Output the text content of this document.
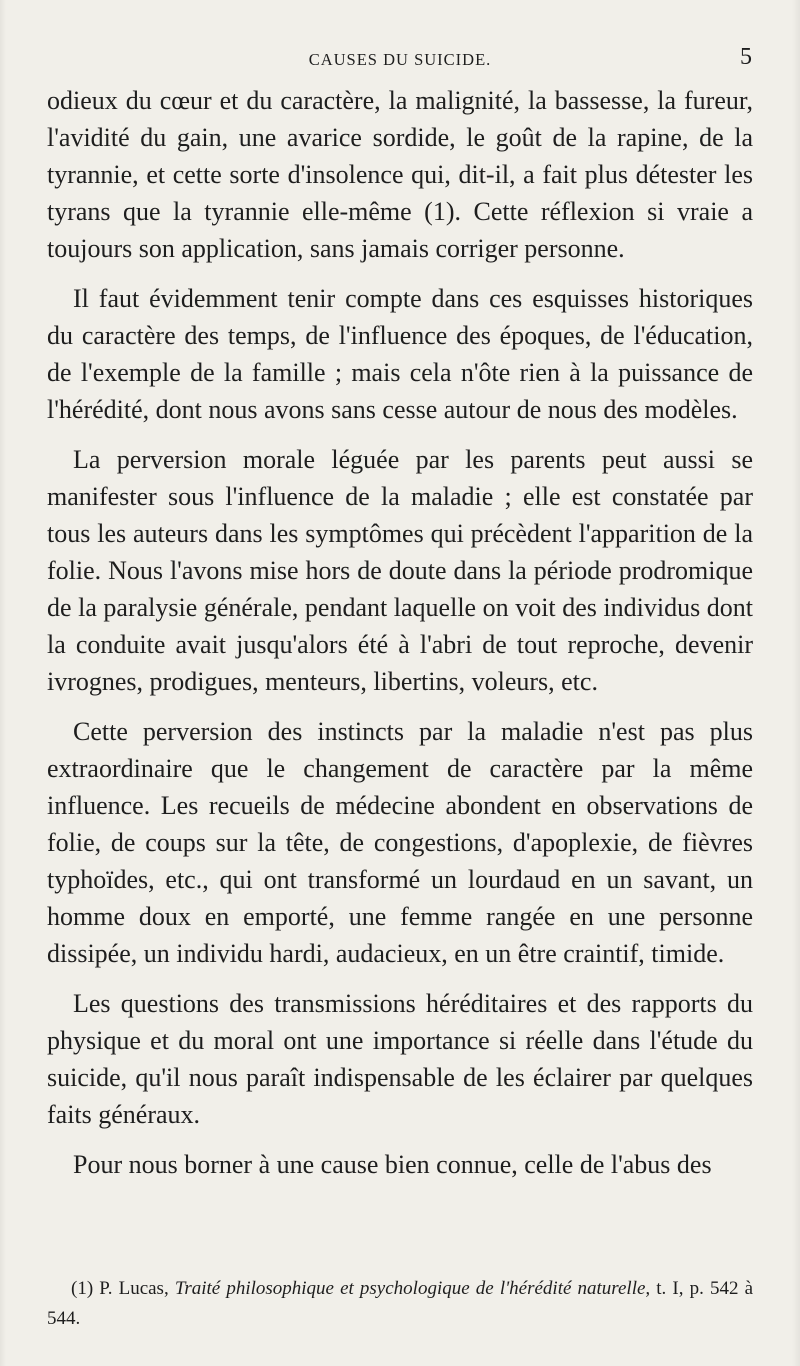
CAUSES DU SUICIDE.	5

odieux du cœur et du caractère, la malignité, la bassesse, la fureur, l'avidité du gain, une avarice sordide, le goût de la rapine, de la tyrannie, et cette sorte d'insolence qui, dit-il, a fait plus détester les tyrans que la tyrannie elle-même (1). Cette réflexion si vraie a toujours son application, sans jamais corriger personne.

Il faut évidemment tenir compte dans ces esquisses historiques du caractère des temps, de l'influence des époques, de l'éducation, de l'exemple de la famille ; mais cela n'ôte rien à la puissance de l'hérédité, dont nous avons sans cesse autour de nous des modèles.

La perversion morale léguée par les parents peut aussi se manifester sous l'influence de la maladie ; elle est constatée par tous les auteurs dans les symptômes qui précèdent l'apparition de la folie. Nous l'avons mise hors de doute dans la période prodromique de la paralysie générale, pendant laquelle on voit des individus dont la conduite avait jusqu'alors été à l'abri de tout reproche, devenir ivrognes, prodigues, menteurs, libertins, voleurs, etc.

Cette perversion des instincts par la maladie n'est pas plus extraordinaire que le changement de caractère par la même influence. Les recueils de médecine abondent en observations de folie, de coups sur la tête, de congestions, d'apoplexie, de fièvres typhoïdes, etc., qui ont transformé un lourdaud en un savant, un homme doux en emporté, une femme rangée en une personne dissipée, un individu hardi, audacieux, en un être craintif, timide.

Les questions des transmissions héréditaires et des rapports du physique et du moral ont une importance si réelle dans l'étude du suicide, qu'il nous paraît indispensable de les éclairer par quelques faits généraux.

Pour nous borner à une cause bien connue, celle de l'abus des

(1) P. Lucas, Traité philosophique et psychologique de l'hérédité naturelle, t. I, p. 542 à 544.
